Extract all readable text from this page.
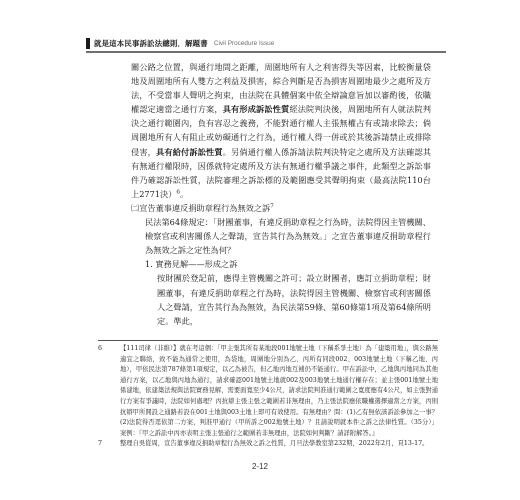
就是這本民事訴訟法總則．解題書 Civil Procedure Issue

關公路之位置，與通行地間之距離，周圍地所有人之利害得失等因素，比較衡量袋地及周圍地所有人雙方之利益及損害，綜合判斷是否為損害周圍地最少之處所及方法，不受當事人聲明之拘束，由法院在具體個案中依全辯論意旨加以審酌後，依職權認定適當之通行方案，具有形成訴訟性質經法院判決後，周圍地所有人就法院判決之通行範圍內，負有容忍之義務，不能對通行權人主張無權占有或請求除去；倘周圍地所有人有阻止或妨礙通行之行為，通行權人得一併或於其後訴請禁止或排除侵害，具有給付訴訟性質。另倘通行權人係訴請法院判決特定之處所及方法確認其有無通行權限時，因係就特定處所及方法有無通行權爭議之事件，此類型之訴訟事件乃確認訴訟性質，法院審理之訴訟標的及範圍應受其聲明拘束（最高法院110台上2771決）$^6$。

㈡宣告董事違反捐助章程行為無效之訴$^7$

民法第64條規定：「財團董事，有違反捐助章程之行為時，法院得因主管機關、檢察官或利害關係人之聲請，宣告其行為為無效。」之宣告董事違反捐助章程行為無效之訴之定性為何？

1. 實務見解——形成之訴

按財團於登記前，應得主管機關之許可；設立財團者，應訂立捐助章程；財團董事，有違反捐助章程之行為時，法院得因主管機關、檢察官或利害關係人之聲請，宣告其行為為無效，為民法第59條、第60條第1項及第64條所明定。準此，

6	【111司律（非維）】就在考這個：「甲主張其所有某地段001地號土地（下稱系爭土地）為「建築用地」，與公路無適宜之聯絡，致不能為通常之使用，為袋地，周圍地分別為乙、丙所有同段002、003地號土地（下稱乙地、丙地），甲依民法第787條第1項規定，以乙為被告，但乙地丙地互補仍不能通行。甲在訴訟中，乙地與丙地同為其他通行方案，以乙地與丙地為通行，請求確認001地號土地就002及003地號土地通行權存在；並主張001地號土地係建地，依建築法規與法院實務見解，需要面寬至少4公尺，請求法院判准通行範圍之寬度應有4公尺，如主張對通行方案有爭議時，法院如何處理？丙抗辯主張主張之範圍若非無理由，乃主張法院應依職權選擇適當之方案，丙則抗辯甲所開設之通路若設在001土地與003土地上即可有效使用。有無理由？問：(1)乙有無依該訴訟參加之一事？(2)法院得否逕依第二方案，判准甲通行（甲所訴之002地號土地）？且請說明就本件之訴之法律性質。（35分）」案例：『甲之訴訟中丙亦表明主張主張通行之範圍若非無理由，法院如何判斷？請詳附解答。』
7	整理自吳從周，宣告董事違反捐助章程行為無效之訴之性質，月旦法學教室第232期，2022年2月，頁13-17。
2-12
